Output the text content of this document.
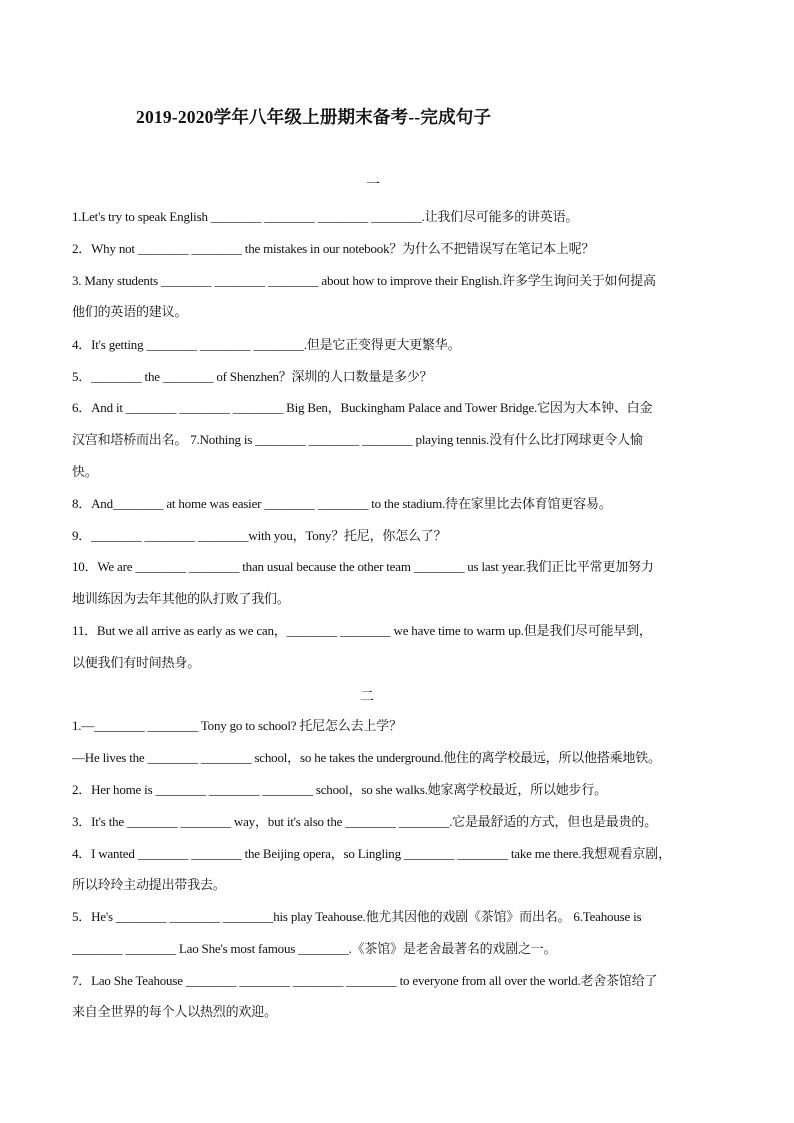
2019-2020学年八年级上册期末备考--完成句子
一
1.Let's try to speak English ________ ________ ________ ________.让我们尽可能多的讲英语。
2．Why not ________ ________ the mistakes in our notebook？为什么不把错误写在笔记本上呢？
3. Many students ________ ________ ________ about how to improve their English.许多学生询问关于如何提高
他们的英语的建议。
4．It's getting ________ ________ ________.但是它正变得更大更繁华。
5．________ the ________ of Shenzhen？深圳的人口数量是多少？
6．And it ________ ________ ________ Big Ben，Buckingham Palace and Tower Bridge.它因为大本钟、白金
汉宫和塔桥而出名。 7.Nothing is ________ ________ ________ playing tennis.没有什么比打网球更令人愉
快。
8．And________ at home was easier ________ ________ to the stadium.待在家里比去体育馆更容易。
9．________ ________ ________with you，Tony？托尼，你怎么了？
10．We are ________ ________ than usual because the other team ________ us last year.我们正比平常更加努力
地训练因为去年其他的队打败了我们。
11．But we all arrive as early as we can，________ ________ we have time to warm up.但是我们尽可能早到，
以便我们有时间热身。
二
1.—________ ________ Tony go to school? 托尼怎么去上学？
—He lives the ________ ________ school，so he takes the underground.他住的离学校最远，所以他搭乘地铁。
2．Her home is ________ ________ ________ school，so she walks.她家离学校最近，所以她步行。
3．It's the ________ ________ way，but it's also the ________ ________.它是最舒适的方式，但也是最贵的。
4．I wanted ________ ________ the Beijing opera，so Lingling ________ ________ take me there.我想观看京剧，
所以玲玲主动提出带我去。
5．He's ________ ________ ________his play Teahouse.他尤其因他的戏剧《茶馆》而出名。 6.Teahouse is
________ ________ Lao She's most famous ________.《茶馆》是老舍最著名的戏剧之一。
7．Lao She Teahouse ________ ________ ________ ________ to everyone from all over the world.老舍茶馆给了
来自全世界的每个人以热烈的欢迎。
